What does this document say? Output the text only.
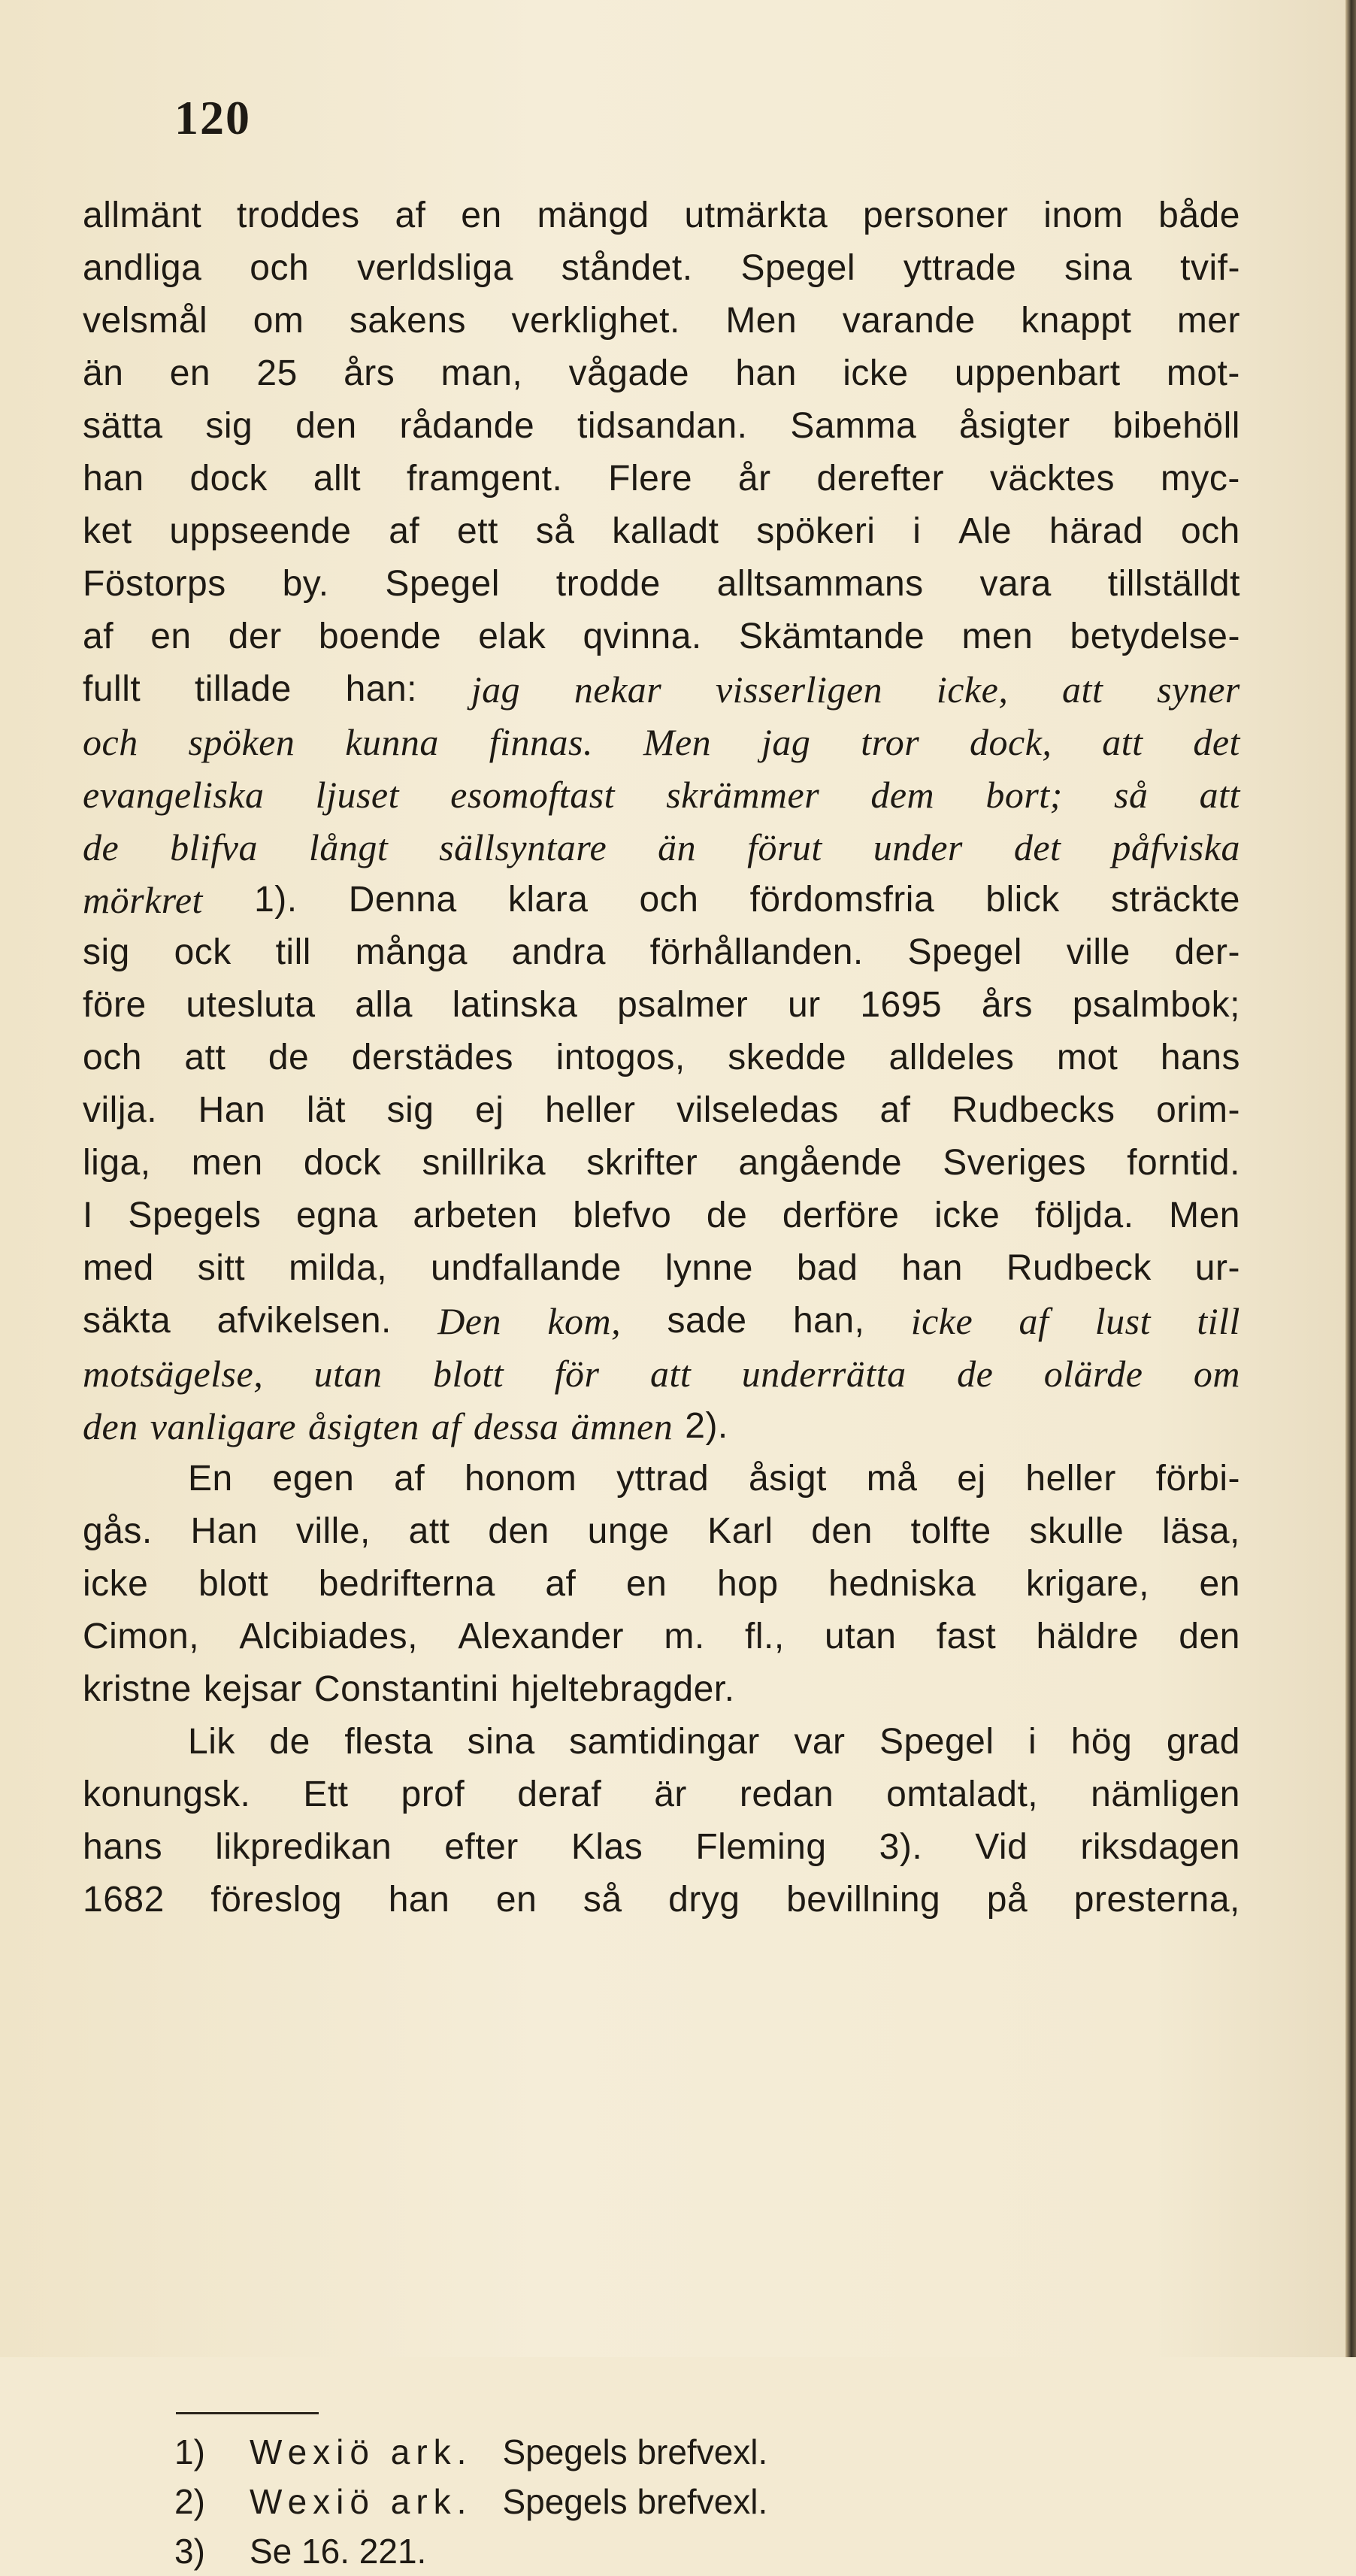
120
allmänt troddes af en mängd utmärkta personer inom både
andliga och verldsliga ståndet. Spegel yttrade sina tvif-
velsmål om sakens verklighet. Men varande knappt mer
än en 25 års man, vågade han icke uppenbart mot-
sätta sig den rådande tidsandan. Samma åsigter bibehöll
han dock allt framgent. Flere år derefter väcktes myc-
ket uppseende af ett så kalladt spökeri i Ale härad och
Föstorps by. Spegel trodde alltsammans vara tillställdt
af en der boende elak qvinna. Skämtande men betydelse-
fullt tillade han: jag nekar visserligen icke, att syner
och spöken kunna finnas. Men jag tror dock, att det
evangeliska ljuset esomoftast skrämmer dem bort; så att
de blifva långt sällsyntare än förut under det påfviska
mörkret 1). Denna klara och fördomsfria blick sträckte
sig ock till många andra förhållanden. Spegel ville der-
före utesluta alla latinska psalmer ur 1695 års psalmbok;
och att de derstädes intogos, skedde alldeles mot hans
vilja. Han lät sig ej heller vilseledas af Rudbecks orim-
liga, men dock snillrika skrifter angående Sveriges forntid.
I Spegels egna arbeten blefvo de derföre icke följda. Men
med sitt milda, undfallande lynne bad han Rudbeck ur-
säkta afvikelsen. Den kom, sade han, icke af lust till
motsägelse, utan blott för att underrätta de olärde om
den vanligare åsigten af dessa ämnen 2).
En egen af honom yttrad åsigt må ej heller förbi-
gås. Han ville, att den unge Karl den tolfte skulle läsa,
icke blott bedrifterna af en hop hedniska krigare, en
Cimon, Alcibiades, Alexander m. fl., utan fast häldre den
kristne kejsar Constantini hjeltebragder.
Lik de flesta sina samtidingar var Spegel i hög grad
konungsk. Ett prof deraf är redan omtaladt, nämligen
hans likpredikan efter Klas Fleming 3). Vid riksdagen
1682 föreslog han en så dryg bevillning på presterna,
1)	Wexiö ark. Spegels brefvexl.
2)	Wexiö ark. Spegels brefvexl.
3)	Se 16. 221.
